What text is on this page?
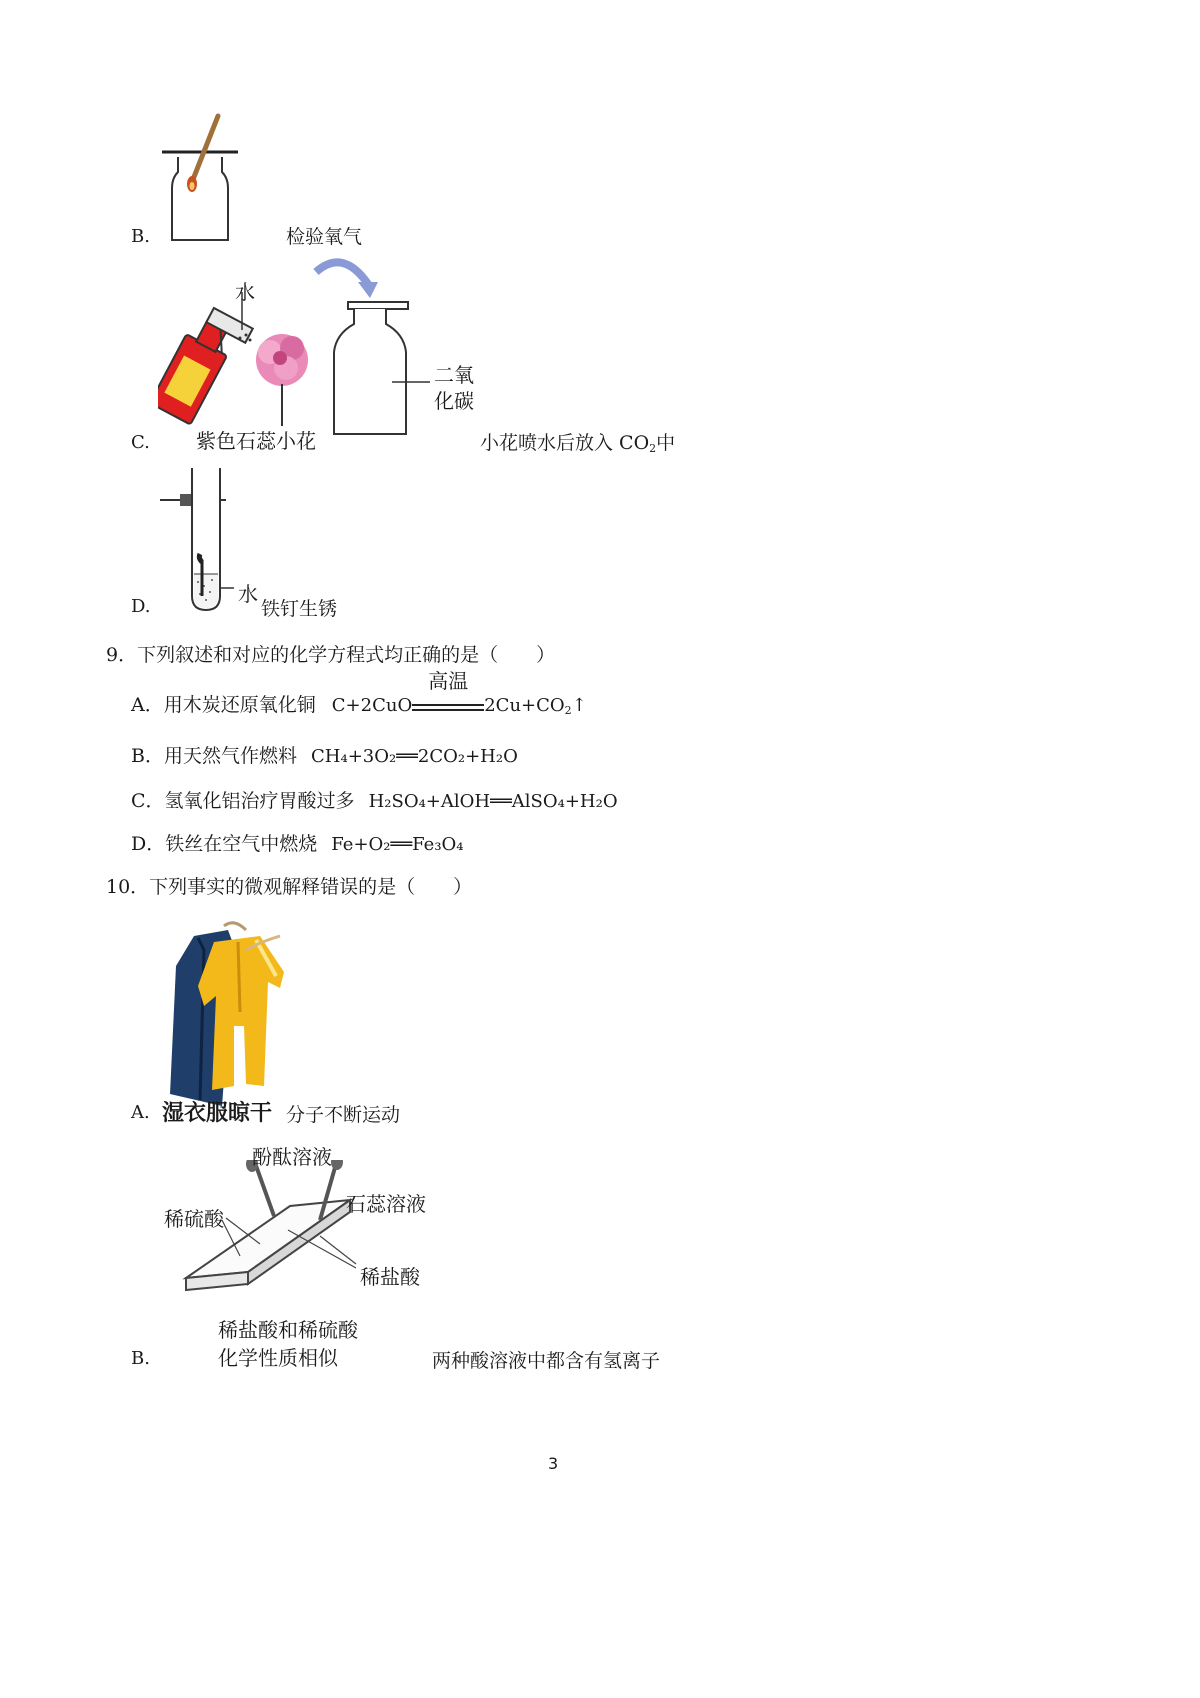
B.	检验氧气
水
二氧
化碳
C. 紫色石蕊小花	小花喷水后放入 $CO_2$中
水
D.	铁钉生锈
9．下列叙述和对应的化学方程式均正确的是（　　）
A．用木炭还原氧化铜 C+2CuO
高温
$2Cu+CO_2↑$
B．用天然气作燃料 CH₄+3O₂══2CO₂+H₂O
C．氢氧化铝治疗胃酸过多 H₂SO₄+AlOH══AlSO₄+H₂O
D．铁丝在空气中燃烧 Fe+O₂══Fe₃O₄
10．下列事实的微观解释错误的是（　　）
A. 湿衣服晾干 分子不断运动
酚酞溶液
石蕊溶液
稀硫酸
稀盐酸
稀盐酸和稀硫酸
化学性质相似
B.	两种酸溶液中都含有氢离子
3
